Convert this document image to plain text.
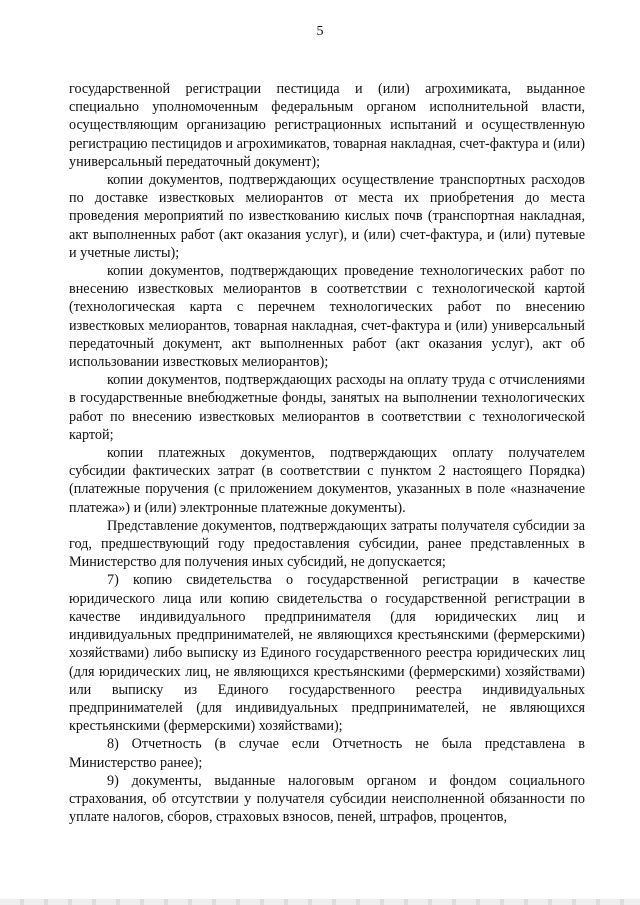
5

государственной регистрации пестицида и (или) агрохимиката, выданное специально уполномоченным федеральным органом исполнительной власти, осуществляющим организацию регистрационных испытаний и осуществленную регистрацию пестицидов и агрохимикатов, товарная накладная, счет-фактура и (или) универсальный передаточный документ);

копии документов, подтверждающих осуществление транспортных расходов по доставке известковых мелиорантов от места их приобретения до места проведения мероприятий по известкованию кислых почв (транспортная накладная, акт выполненных работ (акт оказания услуг), и (или) счет-фактура, и (или) путевые и учетные листы);

копии документов, подтверждающих проведение технологических работ по внесению известковых мелиорантов в соответствии с технологической картой (технологическая карта с перечнем технологических работ по внесению известковых мелиорантов, товарная накладная, счет-фактура и (или) универсальный передаточный документ, акт выполненных работ (акт оказания услуг), акт об использовании известковых мелиорантов);

копии документов, подтверждающих расходы на оплату труда с отчислениями в государственные внебюджетные фонды, занятых на выполнении технологических работ по внесению известковых мелиорантов в соответствии с технологической картой;

копии платежных документов, подтверждающих оплату получателем субсидии фактических затрат (в соответствии с пунктом 2 настоящего Порядка) (платежные поручения (с приложением документов, указанных в поле «назначение платежа») и (или) электронные платежные документы).

Представление документов, подтверждающих затраты получателя субсидии за год, предшествующий году предоставления субсидии, ранее представленных в Министерство для получения иных субсидий, не допускается;

7) копию свидетельства о государственной регистрации в качестве юридического лица или копию свидетельства о государственной регистрации в качестве индивидуального предпринимателя (для юридических лиц и индивидуальных предпринимателей, не являющихся крестьянскими (фермерскими) хозяйствами) либо выписку из Единого государственного реестра юридических лиц (для юридических лиц, не являющихся крестьянскими (фермерскими) хозяйствами) или выписку из Единого государственного реестра индивидуальных предпринимателей (для индивидуальных предпринимателей, не являющихся крестьянскими (фермерскими) хозяйствами);

8) Отчетность (в случае если Отчетность не была представлена в Министерство ранее);

9) документы, выданные налоговым органом и фондом социального страхования, об отсутствии у получателя субсидии неисполненной обязанности по уплате налогов, сборов, страховых взносов, пеней, штрафов, процентов,
